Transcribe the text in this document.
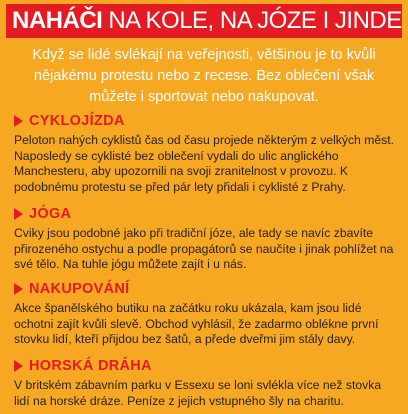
NAHÁČI NA KOLE, NA JÓZE I JINDE
Když se lidé svlékají na veřejnosti, většinou je to kvůli nějakému protestu nebo z recese. Bez oblečení však můžete i sportovat nebo nakupovat.
CYKLOJÍZDA
Peloton nahých cyklistů čas od času projede některým z velkých měst. Naposledy se cyklisté bez oblečení vydali do ulic anglického Manchesteru, aby upozornili na svoji zranitelnost v provozu. K podobnému protestu se před pár lety přidali i cyklisté z Prahy.
JÓGA
Cviky jsou podobné jako při tradiční józe, ale tady se navíc zbavíte přirozeného ostychu a podle propagátorů se naučíte i jinak pohlížet na své tělo. Na tuhle jógu můžete zajít i u nás.
NAKUPOVÁNÍ
Akce španělského butiku na začátku roku ukázala, kam jsou lidé ochotni zajít kvůli slevě. Obchod vyhlásil, že zadarmo oblékne první stovku lidí, kteří přijdou bez šatů, a přede dveřmi jim stály davy.
HORSKÁ DRÁHA
V britském zábavním parku v Essexu se loni svlékla více než stovka lidí na horské dráze. Peníze z jejich vstupného šly na charitu.
